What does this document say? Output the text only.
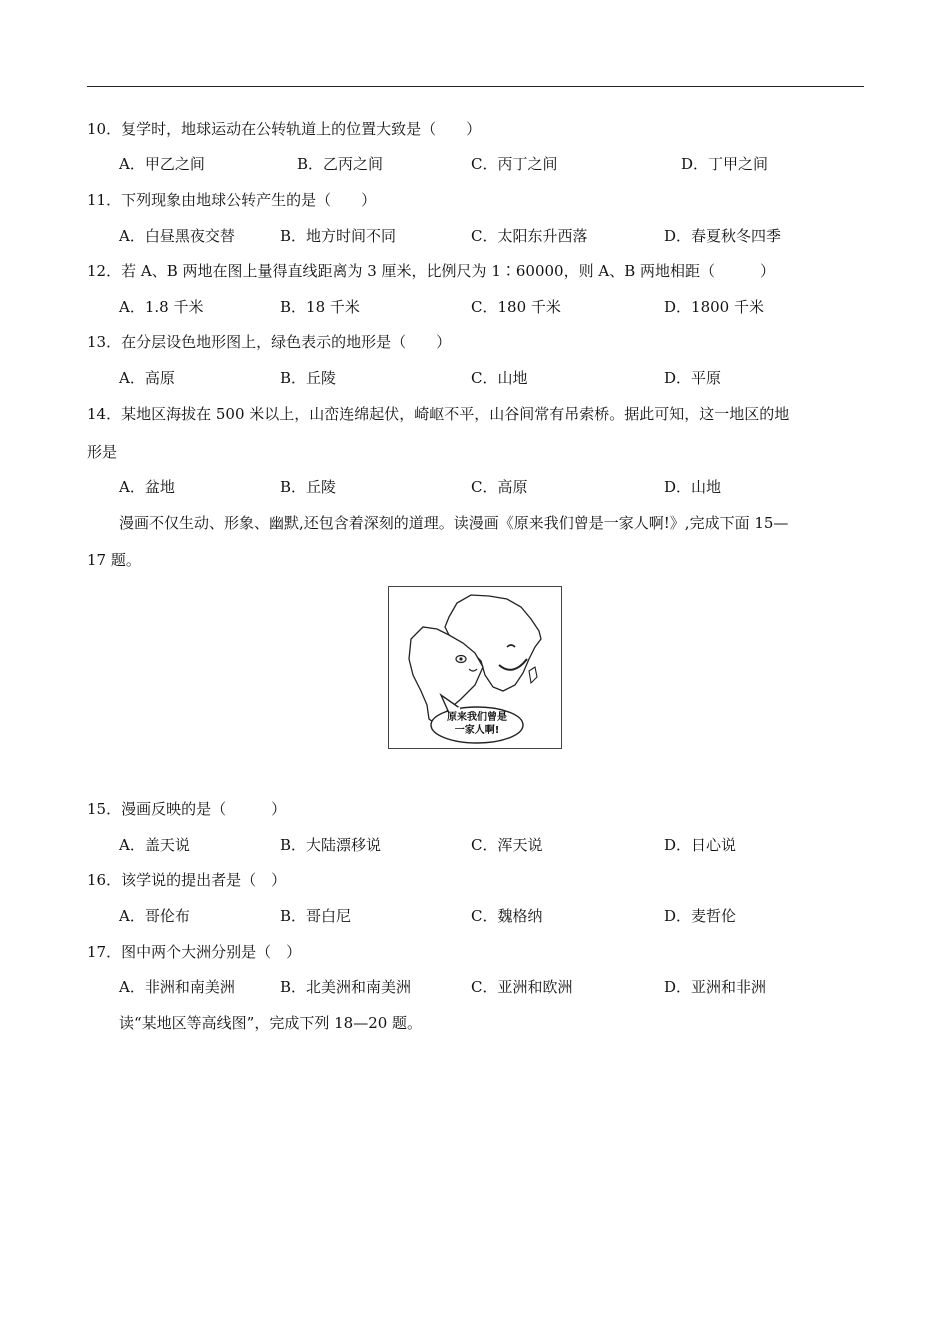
10．复学时，地球运动在公转轨道上的位置大致是（　　）
A．甲乙之间	B．乙丙之间	C．丙丁之间	D．丁甲之间
11．下列现象由地球公转产生的是（　　）
A．白昼黑夜交替	B．地方时间不同	C．太阳东升西落	D．春夏秋冬四季
12．若 A、B 两地在图上量得直线距离为 3 厘米，比例尺为 1∶60000，则 A、B 两地相距（　　　）
A．1.8 千米	B．18 千米	C．180 千米	D．1800 千米
13．在分层设色地形图上，绿色表示的地形是（　　）
A．高原	B．丘陵	C．山地	D．平原
14．某地区海拔在 500 米以上，山峦连绵起伏，崎岖不平，山谷间常有吊索桥。据此可知，这一地区的地
形是
A．盆地	B．丘陵	C．高原	D．山地
漫画不仅生动、形象、幽默,还包含着深刻的道理。读漫画《原来我们曾是一家人啊!》,完成下面 15—
17 题。
原来我们曾是
一家人啊!
15．漫画反映的是（　　　）
A．盖天说	B．大陆漂移说	C．浑天说	D．日心说
16．该学说的提出者是（　）
A．哥伦布	B．哥白尼	C．魏格纳	D．麦哲伦
17．图中两个大洲分别是（　）
A．非洲和南美洲	B．北美洲和南美洲	C．亚洲和欧洲	D．亚洲和非洲
读“某地区等高线图”，完成下列 18—20 题。
